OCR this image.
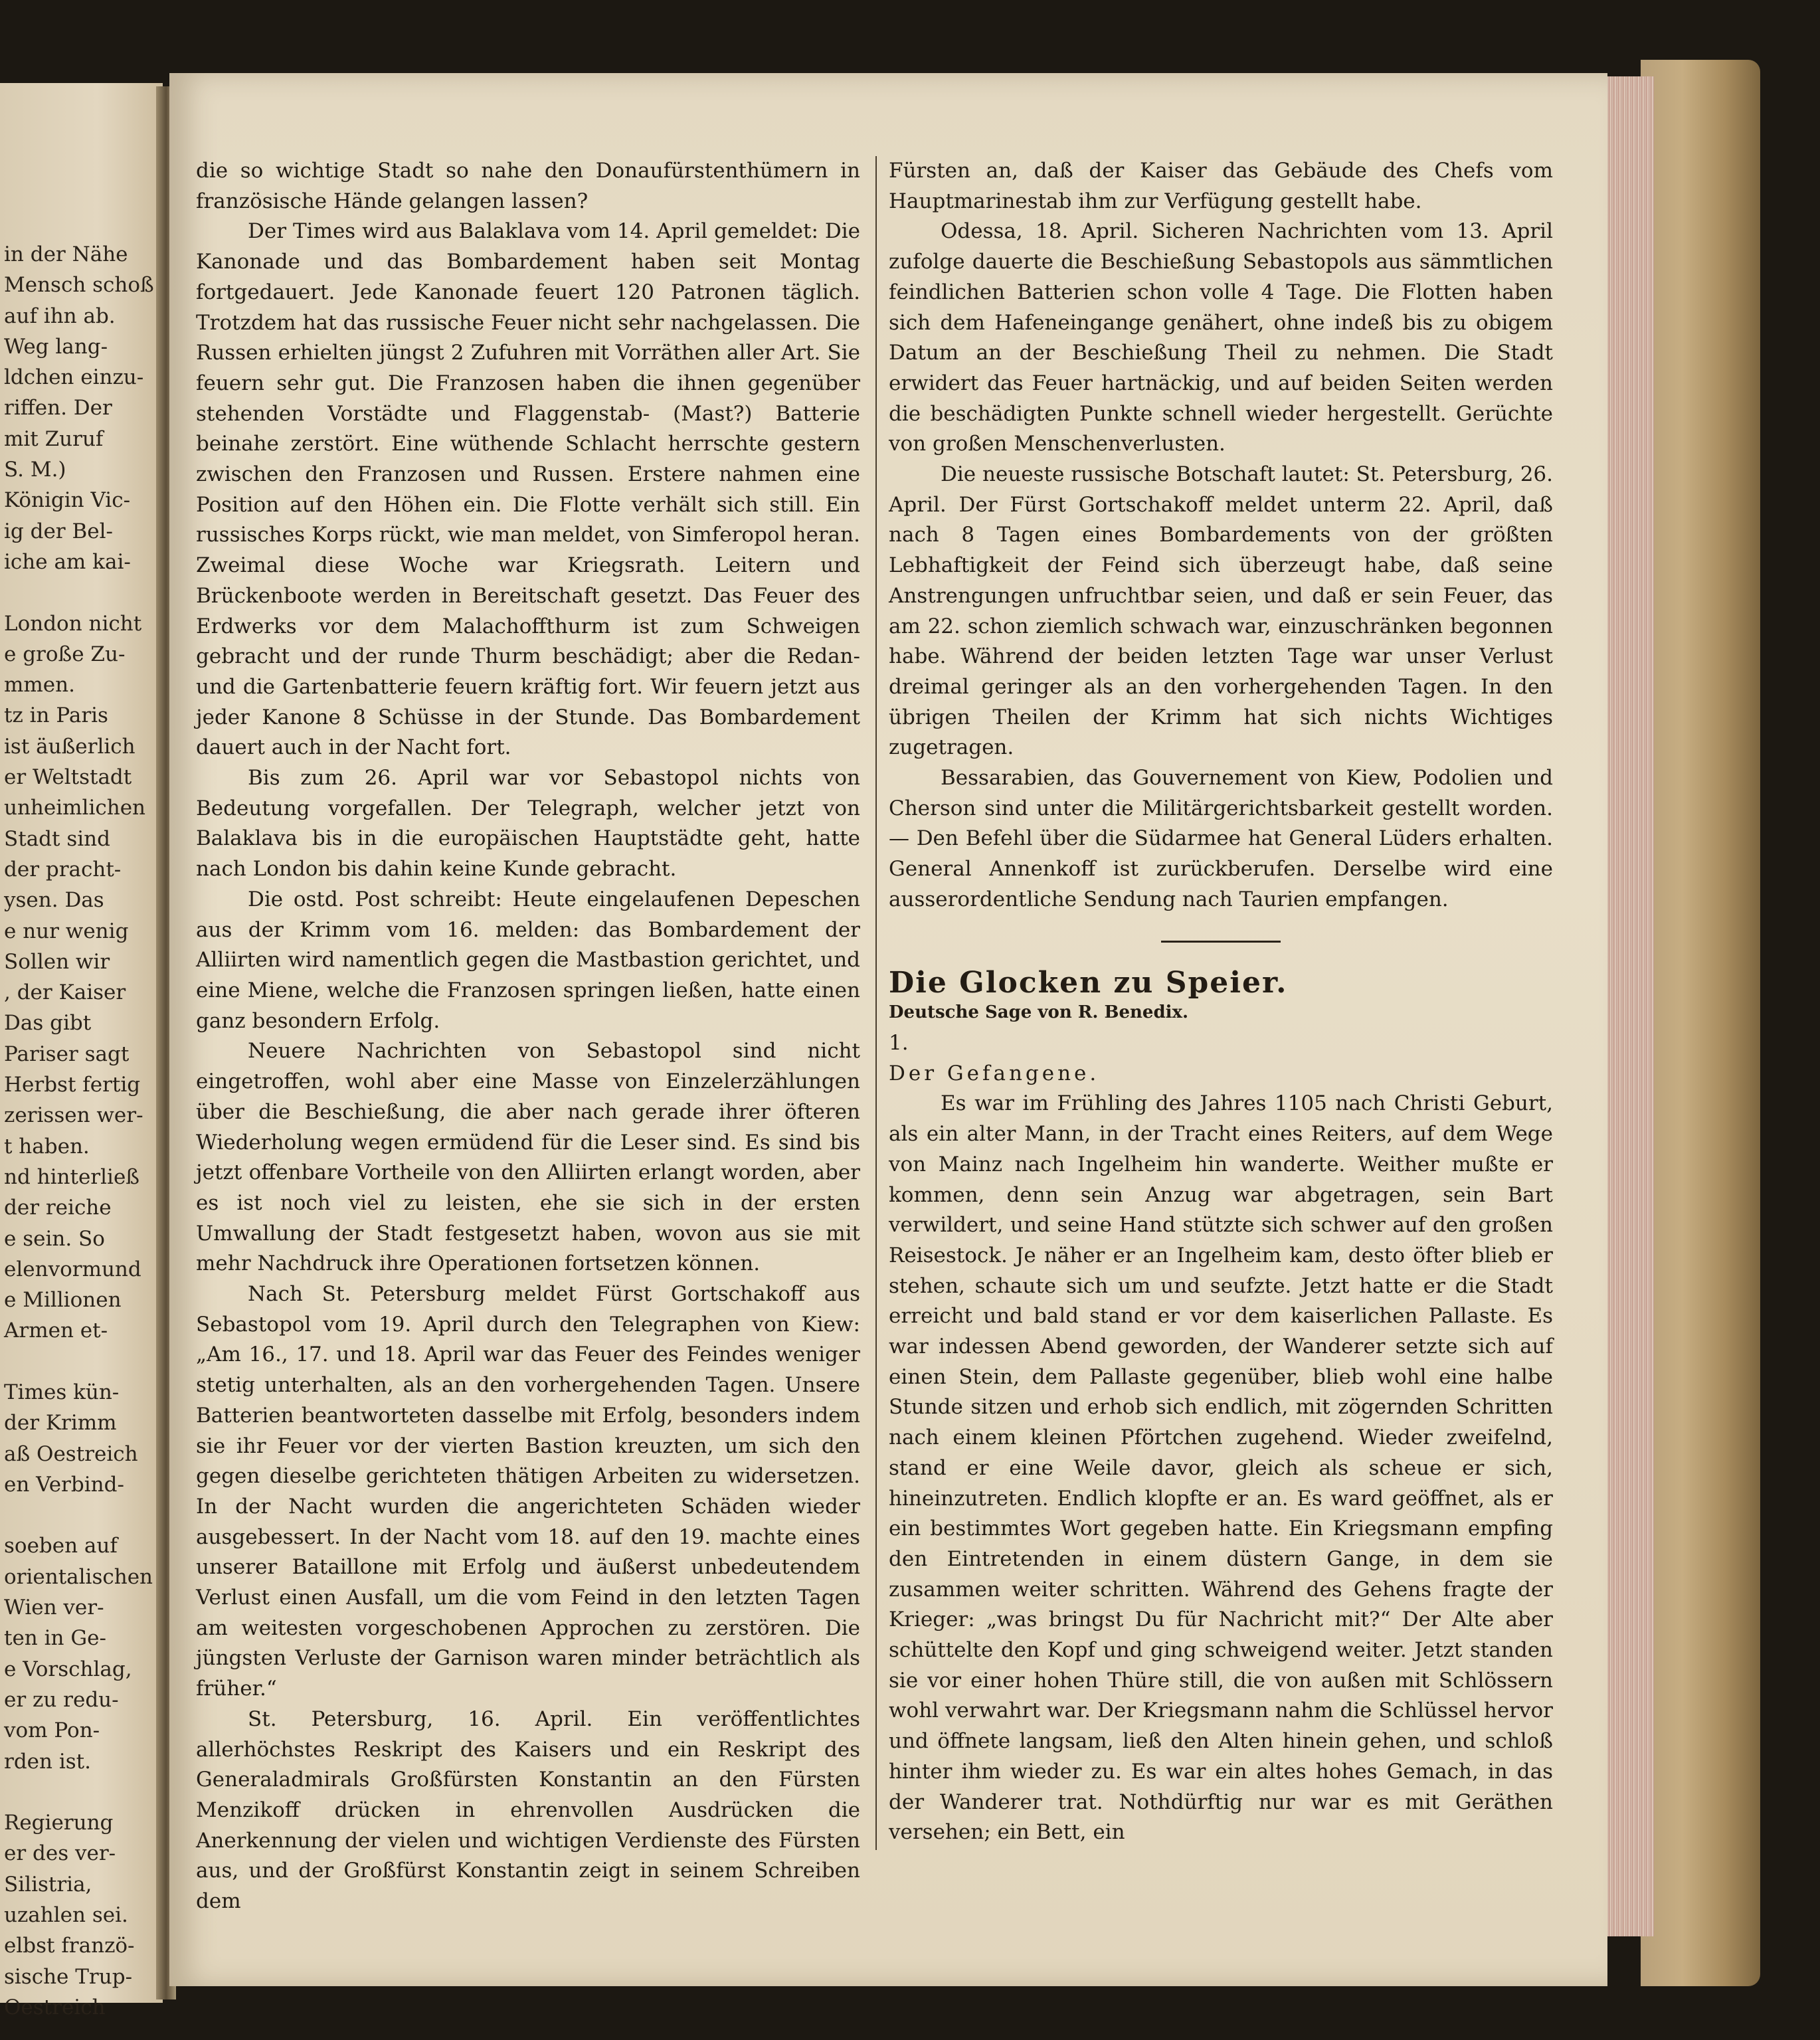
in der Nähe
Mensch schoß
auf ihn ab.
Weg lang-
ldchen einzu-
riffen. Der
mit Zuruf
S. M.)
Königin Vic-
ig der Bel-
iche am kai-
London nicht
e große Zu-
mmen.
tz in Paris
ist äußerlich
er Weltstadt
unheimlichen
Stadt sind
der pracht-
ysen. Das
e nur wenig
Sollen wir
, der Kaiser
Das gibt
Pariser sagt
Herbst fertig
zerissen wer-
t haben.
nd hinterließ
der reiche
e sein. So
elenvormund
e Millionen
Armen et-
Times kün-
der Krimm
aß Oestreich
en Verbind-
soeben auf
orientalischen
Wien ver-
ten in Ge-
e Vorschlag,
er zu redu-
vom Pon-
rden ist.
Regierung
er des ver-
Silistria,
uzahlen sei.
elbst franzö-
sische Trup-
Oestreich

die so wichtige Stadt so nahe den Donaufürstenthümern in französische Hände gelangen lassen?

Der Times wird aus Balaklava vom 14. April gemeldet: Die Kanonade und das Bombardement haben seit Montag fortgedauert. Jede Kanonade feuert 120 Patronen täglich. Trotzdem hat das russische Feuer nicht sehr nachgelassen. Die Russen erhielten jüngst 2 Zufuhren mit Vorräthen aller Art. Sie feuern sehr gut. Die Franzosen haben die ihnen gegenüber stehenden Vorstädte und Flaggenstab- (Mast?) Batterie beinahe zerstört. Eine wüthende Schlacht herrschte gestern zwischen den Franzosen und Russen. Erstere nahmen eine Position auf den Höhen ein. Die Flotte verhält sich still. Ein russisches Korps rückt, wie man meldet, von Simferopol heran. Zweimal diese Woche war Kriegsrath. Leitern und Brückenboote werden in Bereitschaft gesetzt. Das Feuer des Erdwerks vor dem Malachoffthurm ist zum Schweigen gebracht und der runde Thurm beschädigt; aber die Redan- und die Gartenbatterie feuern kräftig fort. Wir feuern jetzt aus jeder Kanone 8 Schüsse in der Stunde. Das Bombardement dauert auch in der Nacht fort.

Bis zum 26. April war vor Sebastopol nichts von Bedeutung vorgefallen. Der Telegraph, welcher jetzt von Balaklava bis in die europäischen Hauptstädte geht, hatte nach London bis dahin keine Kunde gebracht.

Die ostd. Post schreibt: Heute eingelaufenen Depeschen aus der Krimm vom 16. melden: das Bombardement der Alliirten wird namentlich gegen die Mastbastion gerichtet, und eine Miene, welche die Franzosen springen ließen, hatte einen ganz besondern Erfolg.

Neuere Nachrichten von Sebastopol sind nicht eingetroffen, wohl aber eine Masse von Einzelerzählungen über die Beschießung, die aber nach gerade ihrer öfteren Wiederholung wegen ermüdend für die Leser sind. Es sind bis jetzt offenbare Vortheile von den Alliirten erlangt worden, aber es ist noch viel zu leisten, ehe sie sich in der ersten Umwallung der Stadt festgesetzt haben, wovon aus sie mit mehr Nachdruck ihre Operationen fortsetzen können.

Nach St. Petersburg meldet Fürst Gortschakoff aus Sebastopol vom 19. April durch den Telegraphen von Kiew: „Am 16., 17. und 18. April war das Feuer des Feindes weniger stetig unterhalten, als an den vorhergehenden Tagen. Unsere Batterien beantworteten dasselbe mit Erfolg, besonders indem sie ihr Feuer vor der vierten Bastion kreuzten, um sich den gegen dieselbe gerichteten thätigen Arbeiten zu widersetzen. In der Nacht wurden die angerichteten Schäden wieder ausgebessert. In der Nacht vom 18. auf den 19. machte eines unserer Bataillone mit Erfolg und äußerst unbedeutendem Verlust einen Ausfall, um die vom Feind in den letzten Tagen am weitesten vorgeschobenen Approchen zu zerstören. Die jüngsten Verluste der Garnison waren minder beträchtlich als früher.“

St. Petersburg, 16. April. Ein veröffentlichtes allerhöchstes Reskript des Kaisers und ein Reskript des Generaladmirals Großfürsten Konstantin an den Fürsten Menzikoff drücken in ehrenvollen Ausdrücken die Anerkennung der vielen und wichtigen Verdienste des Fürsten aus, und der Großfürst Konstantin zeigt in seinem Schreiben dem

Fürsten an, daß der Kaiser das Gebäude des Chefs vom Hauptmarinestab ihm zur Verfügung gestellt habe.

Odessa, 18. April. Sicheren Nachrichten vom 13. April zufolge dauerte die Beschießung Sebastopols aus sämmtlichen feindlichen Batterien schon volle 4 Tage. Die Flotten haben sich dem Hafeneingange genähert, ohne indeß bis zu obigem Datum an der Beschießung Theil zu nehmen. Die Stadt erwidert das Feuer hartnäckig, und auf beiden Seiten werden die beschädigten Punkte schnell wieder hergestellt. Gerüchte von großen Menschenverlusten.

Die neueste russische Botschaft lautet: St. Petersburg, 26. April. Der Fürst Gortschakoff meldet unterm 22. April, daß nach 8 Tagen eines Bombardements von der größten Lebhaftigkeit der Feind sich überzeugt habe, daß seine Anstrengungen unfruchtbar seien, und daß er sein Feuer, das am 22. schon ziemlich schwach war, einzuschränken begonnen habe. Während der beiden letzten Tage war unser Verlust dreimal geringer als an den vorhergehenden Tagen. In den übrigen Theilen der Krimm hat sich nichts Wichtiges zugetragen.

Bessarabien, das Gouvernement von Kiew, Podolien und Cherson sind unter die Militärgerichtsbarkeit gestellt worden. — Den Befehl über die Südarmee hat General Lüders erhalten. General Annenkoff ist zurückberufen. Derselbe wird eine ausserordentliche Sendung nach Taurien empfangen.

Die Glocken zu Speier.

Deutsche Sage von R. Benedix.

1.

Der Gefangene.

Es war im Frühling des Jahres 1105 nach Christi Geburt, als ein alter Mann, in der Tracht eines Reiters, auf dem Wege von Mainz nach Ingelheim hin wanderte. Weither mußte er kommen, denn sein Anzug war abgetragen, sein Bart verwildert, und seine Hand stützte sich schwer auf den großen Reisestock. Je näher er an Ingelheim kam, desto öfter blieb er stehen, schaute sich um und seufzte. Jetzt hatte er die Stadt erreicht und bald stand er vor dem kaiserlichen Pallaste. Es war indessen Abend geworden, der Wanderer setzte sich auf einen Stein, dem Pallaste gegenüber, blieb wohl eine halbe Stunde sitzen und erhob sich endlich, mit zögernden Schritten nach einem kleinen Pförtchen zugehend. Wieder zweifelnd, stand er eine Weile davor, gleich als scheue er sich, hineinzutreten. Endlich klopfte er an. Es ward geöffnet, als er ein bestimmtes Wort gegeben hatte. Ein Kriegsmann empfing den Eintretenden in einem düstern Gange, in dem sie zusammen weiter schritten. Während des Gehens fragte der Krieger: „was bringst Du für Nachricht mit?“ Der Alte aber schüttelte den Kopf und ging schweigend weiter. Jetzt standen sie vor einer hohen Thüre still, die von außen mit Schlössern wohl verwahrt war. Der Kriegsmann nahm die Schlüssel hervor und öffnete langsam, ließ den Alten hinein gehen, und schloß hinter ihm wieder zu. Es war ein altes hohes Gemach, in das der Wanderer trat. Nothdürftig nur war es mit Geräthen versehen; ein Bett, ein
